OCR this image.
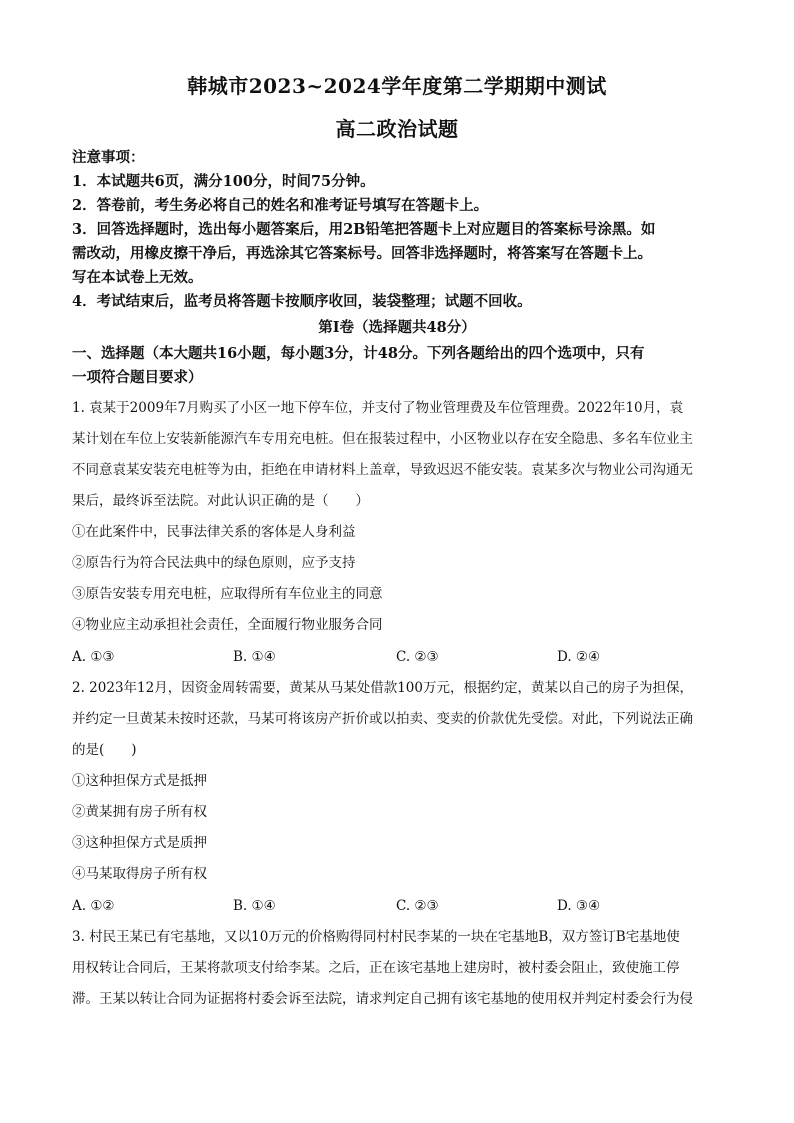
韩城市2023~2024学年度第二学期期中测试
高二政治试题
注意事项：
1．本试题共6页，满分100分，时间75分钟。
2．答卷前，考生务必将自己的姓名和准考证号填写在答题卡上。
3．回答选择题时，选出每小题答案后，用2B铅笔把答题卡上对应题目的答案标号涂黑。如
需改动，用橡皮擦干净后，再选涂其它答案标号。回答非选择题时，将答案写在答题卡上。
写在本试卷上无效。
4．考试结束后，监考员将答题卡按顺序收回，装袋整理；试题不回收。
第Ⅰ卷（选择题共48分）
一、选择题（本大题共16小题，每小题3分，计48分。下列各题给出的四个选项中，只有
一项符合题目要求）
1. 袁某于2009年7月购买了小区一地下停车位，并支付了物业管理费及车位管理费。2022年10月，袁
某计划在车位上安装新能源汽车专用充电桩。但在报装过程中，小区物业以存在安全隐患、多名车位业主
不同意袁某安装充电桩等为由，拒绝在申请材料上盖章，导致迟迟不能安装。袁某多次与物业公司沟通无
果后，最终诉至法院。对此认识正确的是（　　）
①在此案件中，民事法律关系的客体是人身利益
②原告行为符合民法典中的绿色原则，应予支持
③原告安装专用充电桩，应取得所有车位业主的同意
④物业应主动承担社会责任，全面履行物业服务合同
A. ①③	B. ①④	C. ②③	D. ②④
2. 2023年12月，因资金周转需要，黄某从马某处借款100万元，根据约定，黄某以自己的房子为担保，
并约定一旦黄某未按时还款，马某可将该房产折价或以拍卖、变卖的价款优先受偿。对此，下列说法正确
的是(　　)
①这种担保方式是抵押
②黄某拥有房子所有权
③这种担保方式是质押
④马某取得房子所有权
A. ①②	B. ①④	C. ②③	D. ③④
3. 村民王某已有宅基地，又以10万元的价格购得同村村民李某的一块在宅基地B，双方签订B宅基地使
用权转让合同后，王某将款项支付给李某。之后，正在该宅基地上建房时，被村委会阻止，致使施工停
滞。王某以转让合同为证据将村委会诉至法院，请求判定自己拥有该宅基地的使用权并判定村委会行为侵
